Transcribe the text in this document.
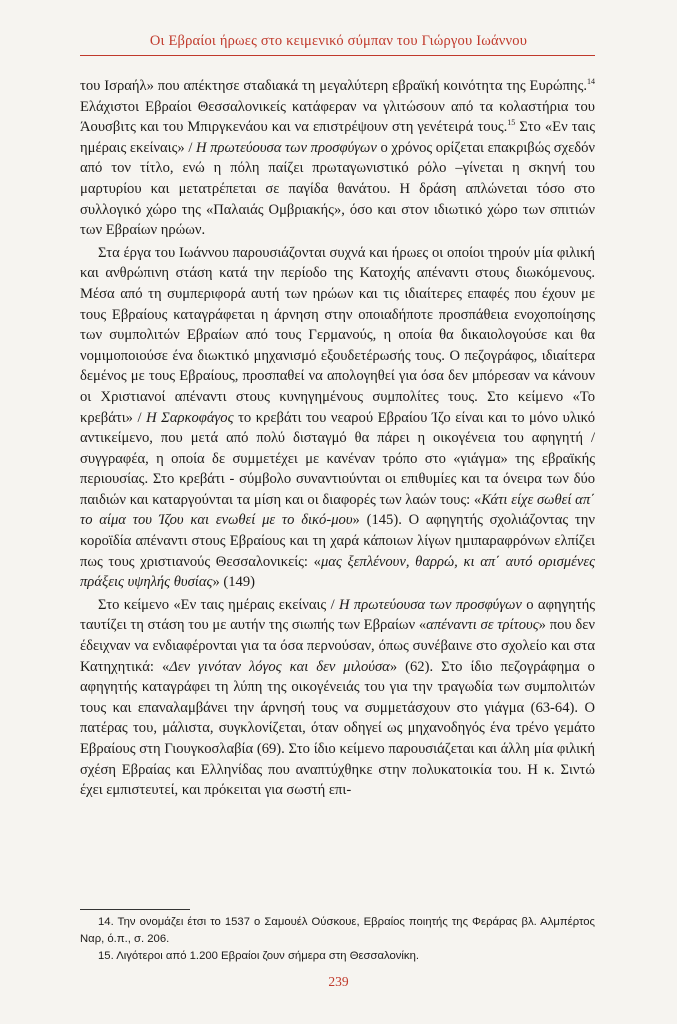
Οι Εβραίοι ήρωες στο κειμενικό σύμπαν του Γιώργου Ιωάννου

του Ισραήλ» που απέκτησε σταδιακά τη μεγαλύτερη εβραϊκή κοινότητα της Ευρώπης.$^{14}$ Ελάχιστοι Εβραίοι Θεσσαλονικείς κατάφεραν να γλιτώσουν από τα κολαστήρια του Άουσβιτς και του Μπιργκενάου και να επιστρέψουν στη γενέτειρά τους.$^{15}$ Στο «Εν ταις ημέραις εκείναις» / Η πρωτεύουσα των προσφύγων ο χρόνος ορίζεται επακριβώς σχεδόν από τον τίτλο, ενώ η πόλη παίζει πρωταγωνιστικό ρόλο –γίνεται η σκηνή του μαρτυρίου και μετατρέπεται σε παγίδα θανάτου. Η δράση απλώνεται τόσο στο συλλογικό χώρο της «Παλαιάς Ομβριακής», όσο και στον ιδιωτικό χώρο των σπιτιών των Εβραίων ηρώων.

Στα έργα του Ιωάννου παρουσιάζονται συχνά και ήρωες οι οποίοι τηρούν μία φιλική και ανθρώπινη στάση κατά την περίοδο της Κατοχής απέναντι στους διωκόμενους. Μέσα από τη συμπεριφορά αυτή των ηρώων και τις ιδιαίτερες επαφές που έχουν με τους Εβραίους καταγράφεται η άρνηση στην οποιαδήποτε προσπάθεια ενοχοποίησης των συμπολιτών Εβραίων από τους Γερμανούς, η οποία θα δικαιολογούσε και θα νομιμοποιούσε ένα διωκτικό μηχανισμό εξουδετέρωσής τους. Ο πεζογράφος, ιδιαίτερα δεμένος με τους Εβραίους, προσπαθεί να απολογηθεί για όσα δεν μπόρεσαν να κάνουν οι Χριστιανοί απέναντι στους κυνηγημένους συμπολίτες τους. Στο κείμενο «Το κρεβάτι» / Η Σαρκοφάγος το κρεβάτι του νεαρού Εβραίου Ίζο είναι και το μόνο υλικό αντικείμενο, που μετά από πολύ δισταγμό θα πάρει η οικογένεια του αφηγητή / συγγραφέα, η οποία δε συμμετέχει με κανέναν τρόπο στο «γιάγμα» της εβραϊκής περιουσίας. Στο κρεβάτι - σύμβολο συναντιούνται οι επιθυμίες και τα όνειρα των δύο παιδιών και καταργούνται τα μίση και οι διαφορές των λαών τους: «Κάτι είχε σωθεί απ΄ το αίμα του Ίζου και ενωθεί με το δικό-μου» (145). Ο αφηγητής σχολιάζοντας την κοροϊδία απέναντι στους Εβραίους και τη χαρά κάποιων λίγων ημιπαραφρόνων ελπίζει πως τους χριστιανούς Θεσσαλονικείς: «μας ξεπλένουν, θαρρώ, κι απ΄ αυτό ορισμένες πράξεις υψηλής θυσίας» (149)

Στο κείμενο «Εν ταις ημέραις εκείναις / Η πρωτεύουσα των προσφύγων ο αφηγητής ταυτίζει τη στάση του με αυτήν της σιωπής των Εβραίων «απέναντι σε τρίτους» που δεν έδειχναν να ενδιαφέρονται για τα όσα περνούσαν, όπως συνέβαινε στο σχολείο και στα Κατηχητικά: «Δεν γινόταν λόγος και δεν μιλούσα» (62). Στο ίδιο πεζογράφημα ο αφηγητής καταγράφει τη λύπη της οικογένειάς του για την τραγωδία των συμπολιτών τους και επαναλαμβάνει την άρνησή τους να συμμετάσχουν στο γιάγμα (63-64). Ο πατέρας του, μάλιστα, συγκλονίζεται, όταν οδηγεί ως μηχανοδηγός ένα τρένο γεμάτο Εβραίους στη Γιουγκοσλαβία (69). Στο ίδιο κείμενο παρουσιάζεται και άλλη μία φιλική σχέση Εβραίας και Ελληνίδας που αναπτύχθηκε στην πολυκατοικία του. Η κ. Σιντώ έχει εμπιστευτεί, και πρόκειται για σωστή επι-

14. Την ονομάζει έτσι το 1537 ο Σαμουέλ Ούσκουε, Εβραίος ποιητής της Φεράρας βλ. Αλμπέρτος Ναρ, ό.π., σ. 206.

15. Λιγότεροι από 1.200 Εβραίοι ζουν σήμερα στη Θεσσαλονίκη.

239
